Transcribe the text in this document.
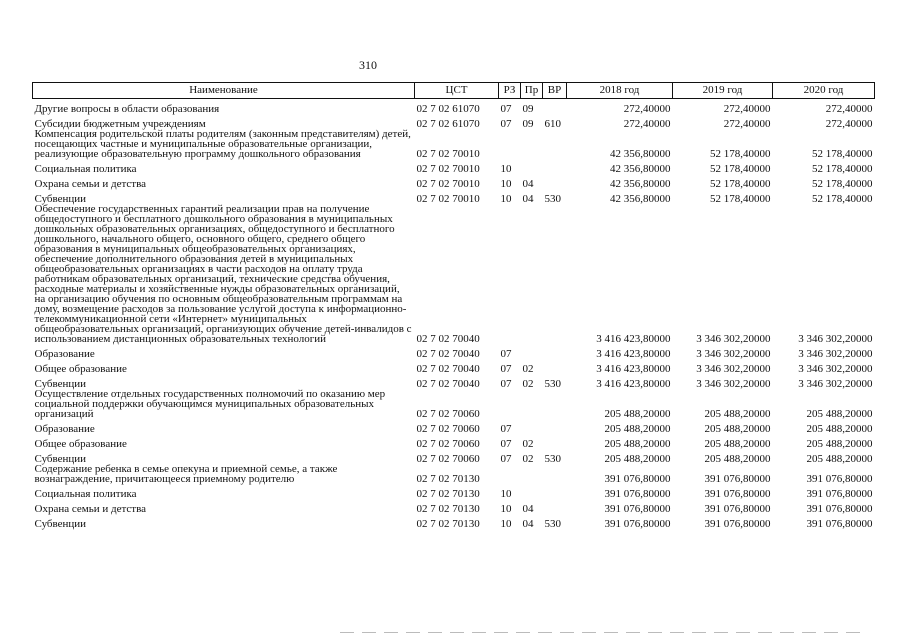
310
Наименование	ЦСТ	РЗ	Пр	ВР	2018 год	2019 год	2020 год
Другие вопросы в области образования	02 7 02 61070	07	09		272,40000	272,40000	272,40000
Субсидии бюджетным учреждениям	02 7 02 61070	07	09	610	272,40000	272,40000	272,40000
Компенсация родительской платы родителям (законным представителям) детей, посещающих частные и муниципальные образовательные организации, реализующие образовательную программу дошкольного образования	02 7 02 70010				42 356,80000	52 178,40000	52 178,40000
Социальная политика	02 7 02 70010	10			42 356,80000	52 178,40000	52 178,40000
Охрана семьи и детства	02 7 02 70010	10	04		42 356,80000	52 178,40000	52 178,40000
Субвенции	02 7 02 70010	10	04	530	42 356,80000	52 178,40000	52 178,40000
Обеспечение государственных гарантий реализации прав на получение общедоступного и бесплатного дошкольного образования в муниципальных дошкольных образовательных организациях, общедоступного и бесплатного дошкольного, начального общего, основного общего, среднего общего образования в муниципальных общеобразовательных организациях, обеспечение дополнительного образования детей в муниципальных общеобразовательных организациях в части расходов на оплату труда работникам образовательных организаций, технические средства обучения, расходные материалы и хозяйственные нужды образовательных организаций, на организацию обучения по основным общеобразовательным программам на дому, возмещение расходов за пользование услугой доступа к информационно-телекоммуникационной сети «Интернет» муниципальных общеобразовательных организаций, организующих обучение детей-инвалидов с использованием дистанционных образовательных технологий	02 7 02 70040				3 416 423,80000	3 346 302,20000	3 346 302,20000
Образование	02 7 02 70040	07			3 416 423,80000	3 346 302,20000	3 346 302,20000
Общее образование	02 7 02 70040	07	02		3 416 423,80000	3 346 302,20000	3 346 302,20000
Субвенции	02 7 02 70040	07	02	530	3 416 423,80000	3 346 302,20000	3 346 302,20000
Осуществление отдельных государственных полномочий по оказанию мер социальной поддержки обучающимся муниципальных образовательных организаций	02 7 02 70060				205 488,20000	205 488,20000	205 488,20000
Образование	02 7 02 70060	07			205 488,20000	205 488,20000	205 488,20000
Общее образование	02 7 02 70060	07	02		205 488,20000	205 488,20000	205 488,20000
Субвенции	02 7 02 70060	07	02	530	205 488,20000	205 488,20000	205 488,20000
Содержание ребенка в семье опекуна и приемной семье, а также вознаграждение, причитающееся приемному родителю	02 7 02 70130				391 076,80000	391 076,80000	391 076,80000
Социальная политика	02 7 02 70130	10			391 076,80000	391 076,80000	391 076,80000
Охрана семьи и детства	02 7 02 70130	10	04		391 076,80000	391 076,80000	391 076,80000
Субвенции	02 7 02 70130	10	04	530	391 076,80000	391 076,80000	391 076,80000
